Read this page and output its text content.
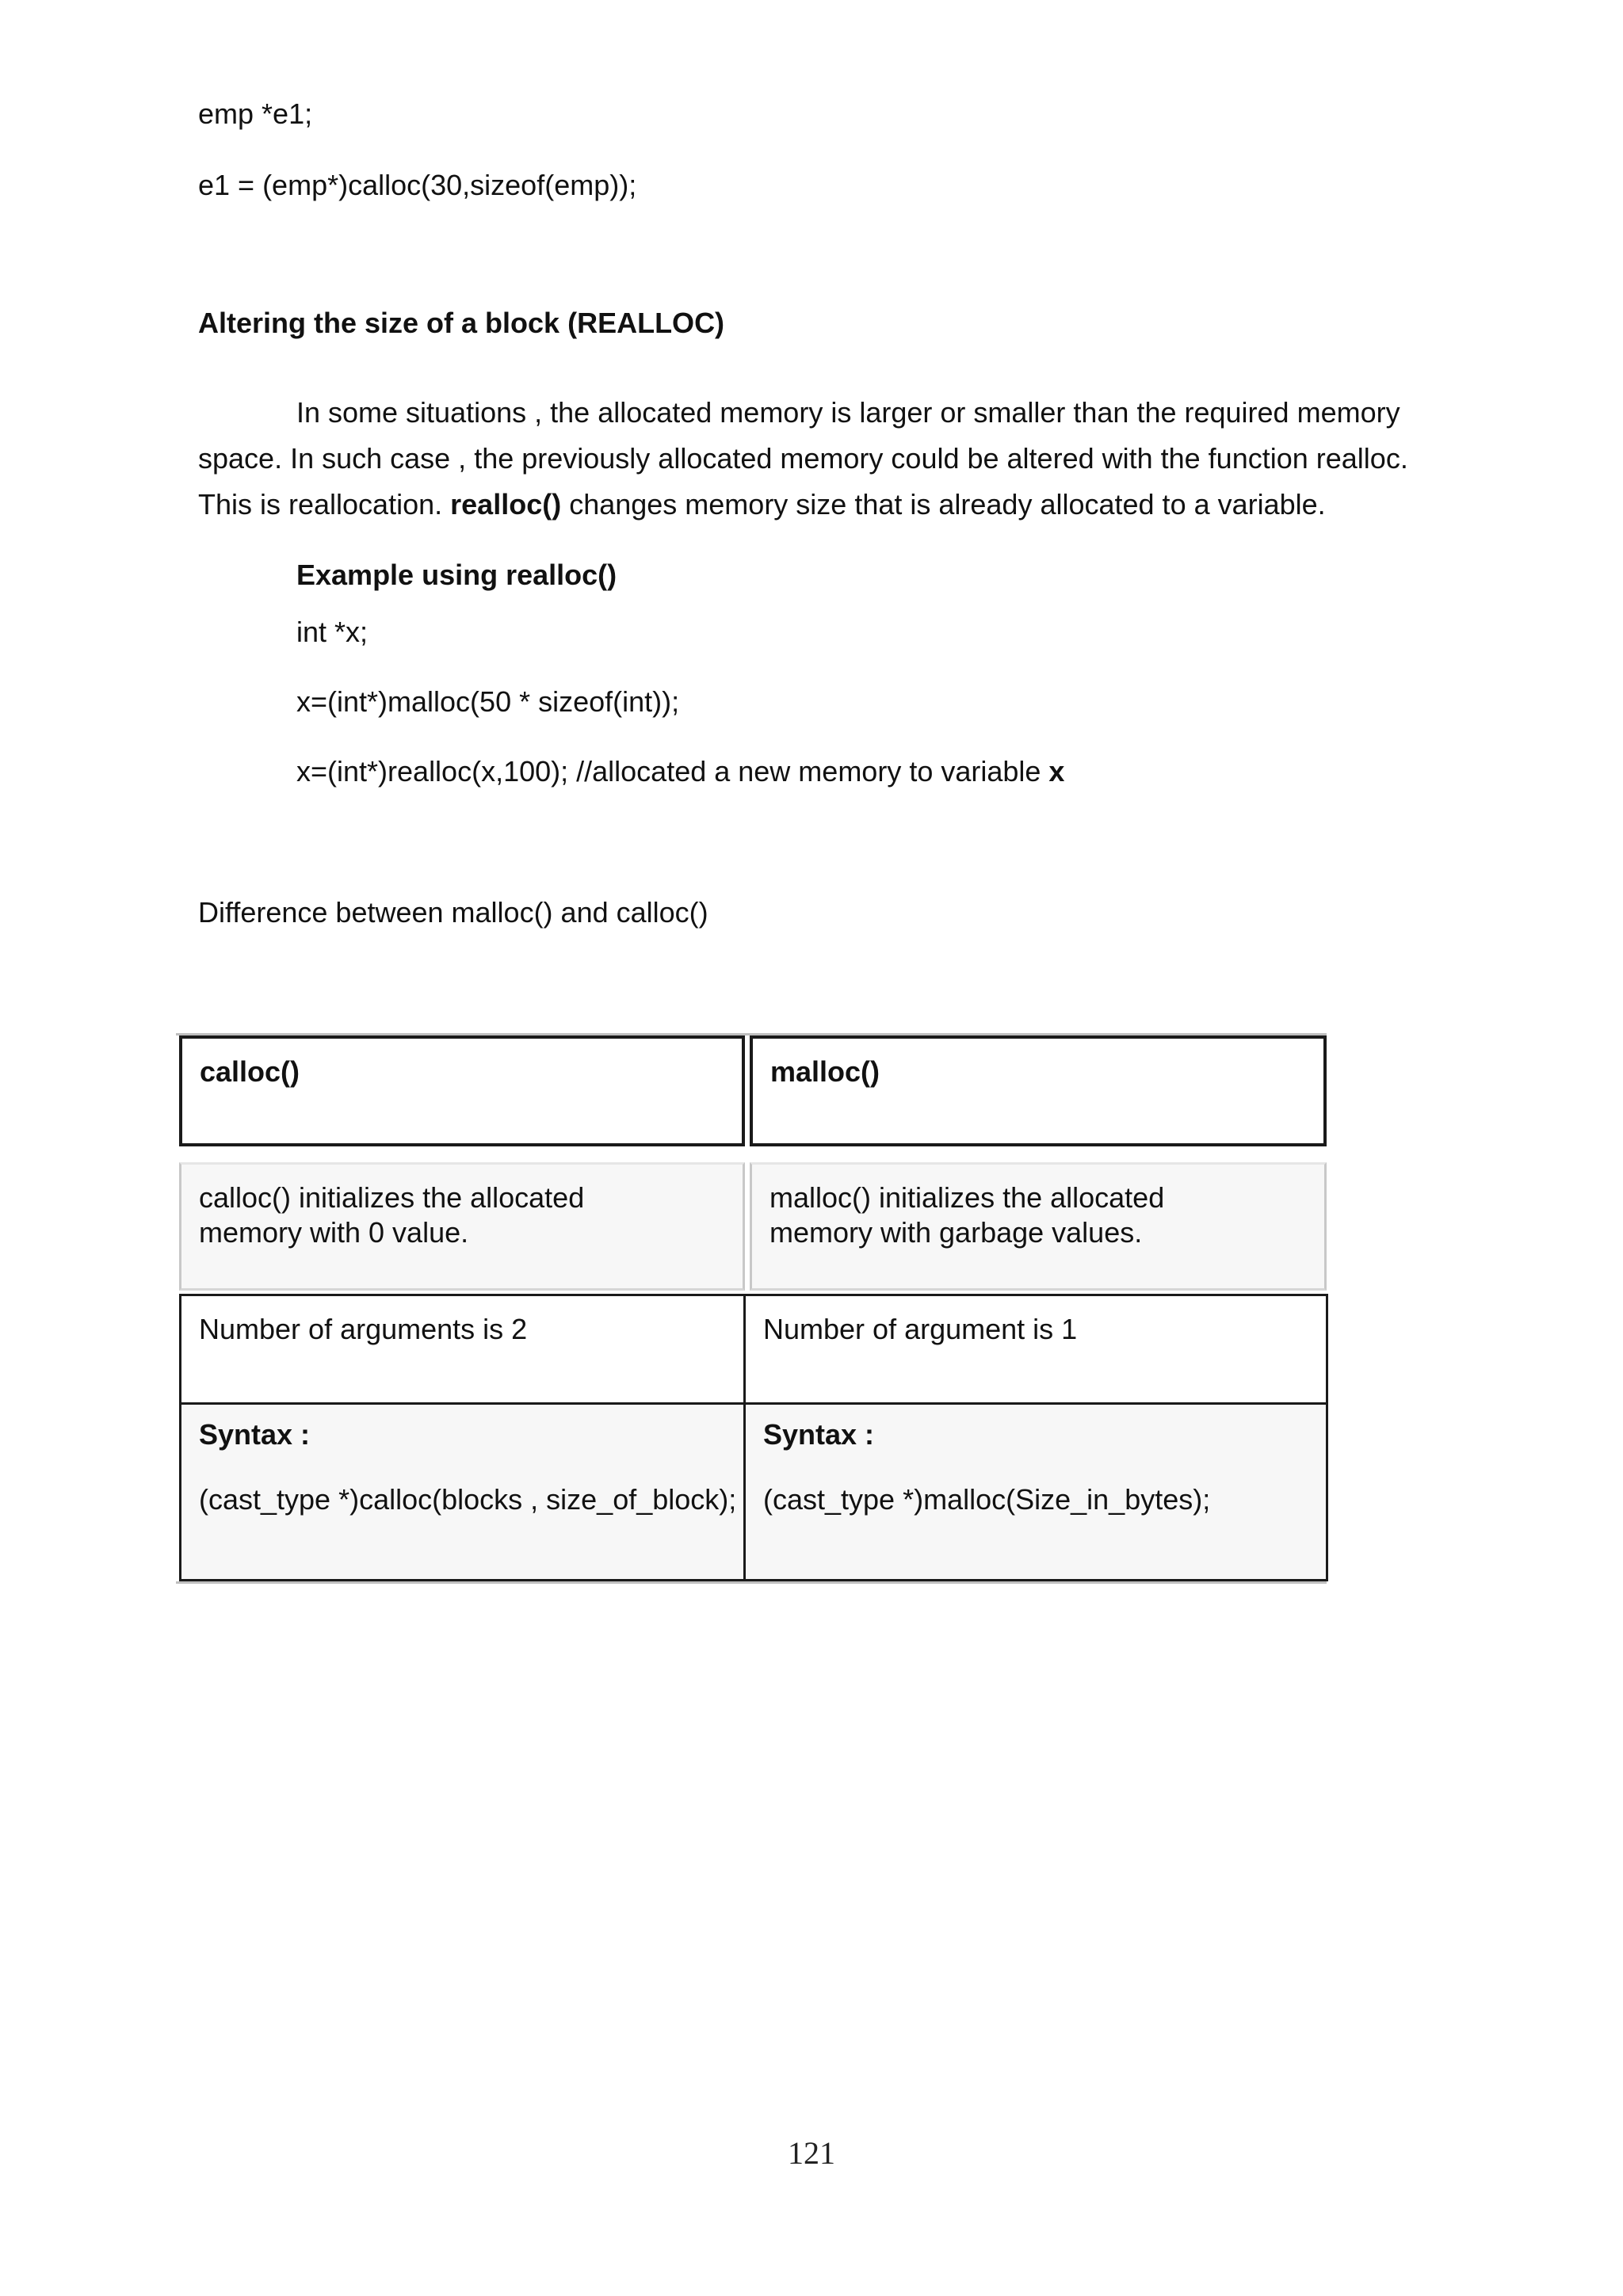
emp *e1;
e1 = (emp*)calloc(30,sizeof(emp));
Altering the size of a block (REALLOC)
In some situations , the allocated memory is larger or smaller than the required memory space. In such case , the previously allocated memory could be altered with the function realloc. This is reallocation. realloc() changes memory size that is already allocated to a variable.
Example using realloc()
int *x;
x=(int*)malloc(50 * sizeof(int));
x=(int*)realloc(x,100); //allocated a new memory to variable x
Difference between malloc() and calloc()
calloc()	malloc()
calloc() initializes the allocated
memory with 0 value.
malloc() initializes the allocated
memory with garbage values.
Number of arguments is 2	Number of argument is 1
Syntax :
(cast_type *)calloc(blocks , size_of_block);
Syntax :
(cast_type *)malloc(Size_in_bytes);
121
